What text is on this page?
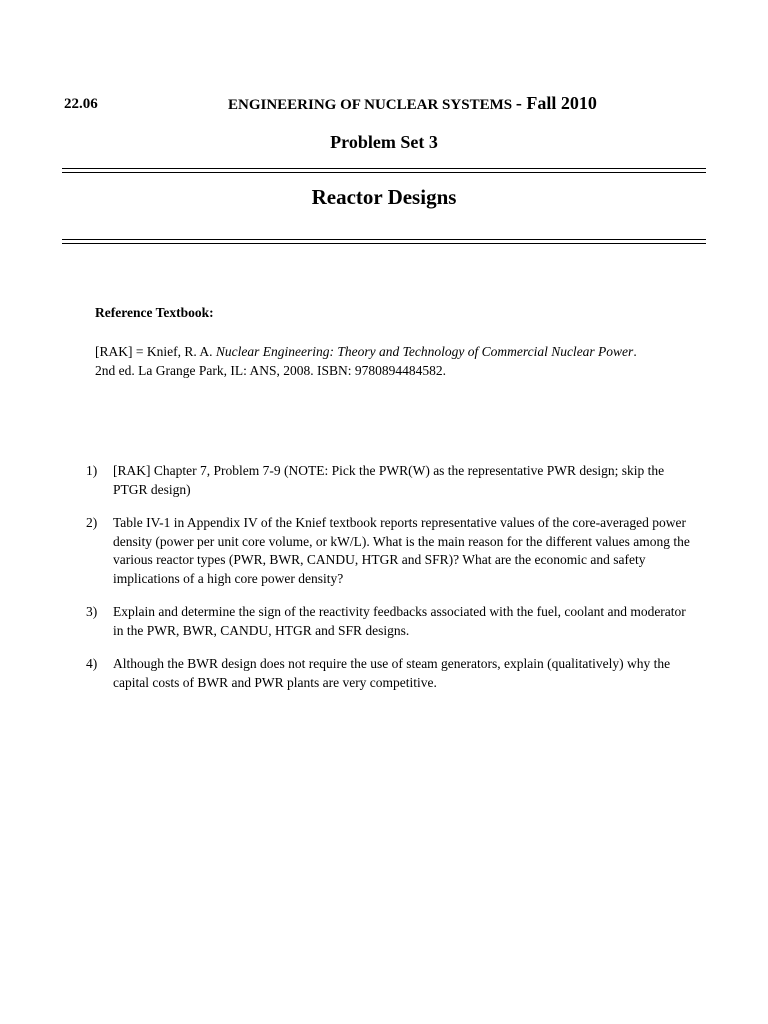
22.06	ENGINEERING OF NUCLEAR SYSTEMS - Fall 2010
Problem Set 3
Reactor Designs
Reference Textbook:
[RAK] = Knief, R. A. Nuclear Engineering: Theory and Technology of Commercial Nuclear Power.
2nd ed. La Grange Park, IL: ANS, 2008. ISBN: 9780894484582.
1) [RAK] Chapter 7, Problem 7-9 (NOTE: Pick the PWR(W) as the representative PWR design; skip the PTGR design)
2) Table IV-1 in Appendix IV of the Knief textbook reports representative values of the core-averaged power density (power per unit core volume, or kW/L). What is the main reason for the different values among the various reactor types (PWR, BWR, CANDU, HTGR and SFR)? What are the economic and safety implications of a high core power density?
3) Explain and determine the sign of the reactivity feedbacks associated with the fuel, coolant and moderator in the PWR, BWR, CANDU, HTGR and SFR designs.
4) Although the BWR design does not require the use of steam generators, explain (qualitatively) why the capital costs of BWR and PWR plants are very competitive.
